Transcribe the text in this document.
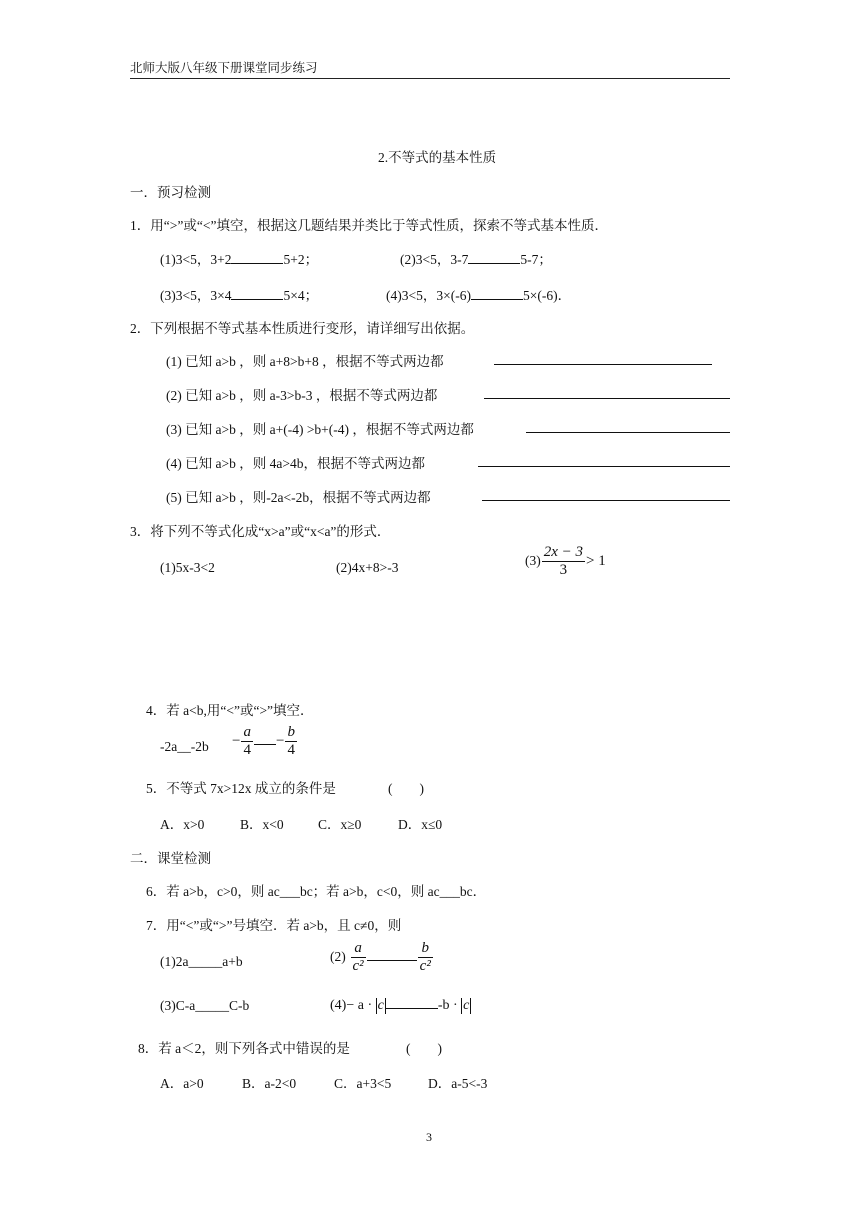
北师大版八年级下册课堂同步练习
2.不等式的基本性质
一．预习检测
1．用“>”或“<”填空，根据这几题结果并类比于等式性质，探索不等式基本性质．
(1)3<5，3+2	5+2；	(2)3<5，3-7	5-7；
(3)3<5，3×4	5×4；	(4)3<5，3×(-6)	5×(-6)．
2．下列根据不等式基本性质进行变形，请详细写出依据。
(1) 已知 a>b ，则 a+8>b+8 ，根据不等式两边都
(2) 已知 a>b ，则 a-3>b-3 ，根据不等式两边都
(3) 已知 a>b ，则 a+(-4) >b+(-4) ，根据不等式两边都
(4) 已知 a>b ，则 4a>4b，根据不等式两边都
(5) 已知 a>b ，则-2a<-2b，根据不等式两边都
3．将下列不等式化成“x>a”或“x<a”的形式．
(1)5x-3<2	(2)4x+8>-3	$(3) \frac{2x - 3}{3} > 1$
4．若 a<b,用“<”或“>”填空．
-2a__-2b − $\frac{a}{4} - \frac{b}{4}$
5．不等式 7x>12x 成立的条件是	(　　)
A．x>0	B．x<0	C．x≥0	D．x≤0
二．课堂检测
6．若 a>b，c>0，则 ac___bc；若 a>b，c<0，则 ac___bc．
7．用“<”或“>”号填空．若 a>b，且 c≠0，则
(1)2a_____a+b	$(2) \frac{a}{\text{c²}}$	$\frac{b}{\text{c²}}$
(3)C-a_____C-b	(4)− a · c	-b · c
8．若 a＜2，则下列各式中错误的是	(　　)
A．a>0	B．a-2<0	C．a+3<5	D．a-5<-3
3
